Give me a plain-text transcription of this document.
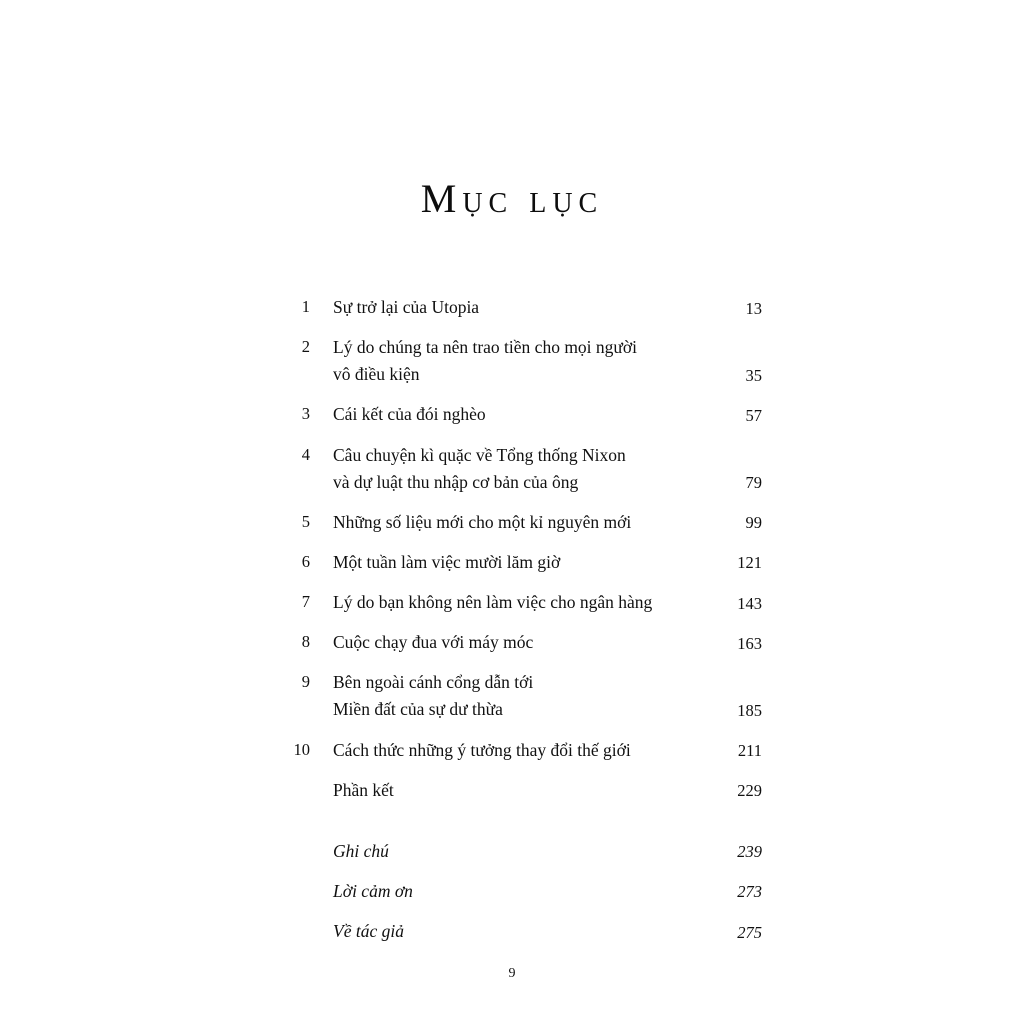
Mục lục
1	Sự trở lại của Utopia	13
2	Lý do chúng ta nên trao tiền cho mọi người
vô điều kiện	35
3	Cái kết của đói nghèo	57
4	Câu chuyện kì quặc về Tổng thống Nixon
và dự luật thu nhập cơ bản của ông	79
5	Những số liệu mới cho một kỉ nguyên mới	99
6	Một tuần làm việc mười lăm giờ	121
7	Lý do bạn không nên làm việc cho ngân hàng	143
8	Cuộc chạy đua với máy móc	163
9	Bên ngoài cánh cổng dẫn tới
Miền đất của sự dư thừa	185
10	Cách thức những ý tưởng thay đổi thế giới	211
Phần kết	229
Ghi chú	239
Lời cảm ơn	273
Về tác giả	275
9
